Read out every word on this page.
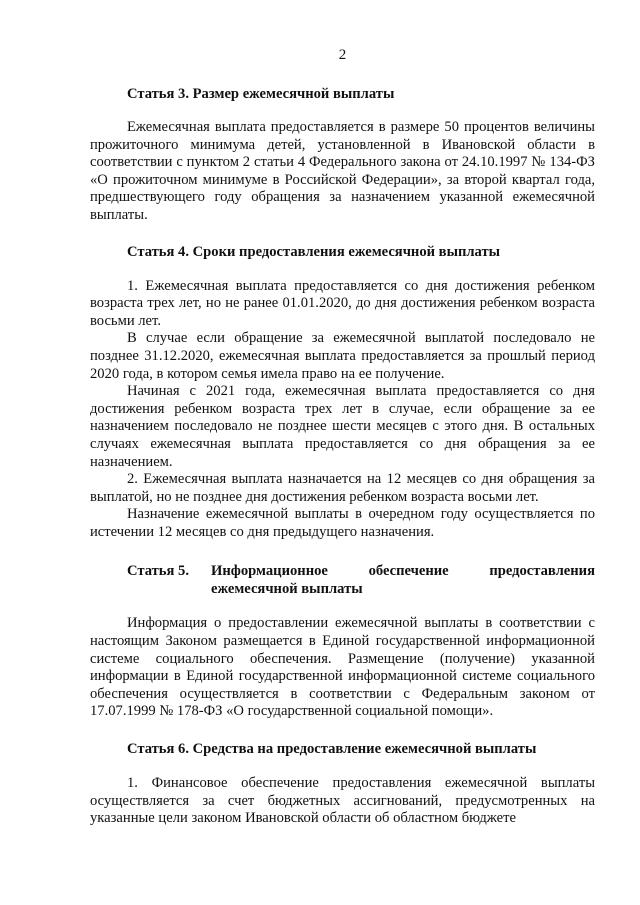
2
Статья 3. Размер ежемесячной выплаты

Ежемесячная выплата предоставляется в размере 50 процентов величины прожиточного минимума детей, установленной в Ивановской области в соответствии с пунктом 2 статьи 4 Федерального закона от 24.10.1997 № 134-ФЗ «О прожиточном минимуме в Российской Федерации», за второй квартал года, предшествующего году обращения за назначением указанной ежемесячной выплаты.

Статья 4. Сроки предоставления ежемесячной выплаты

1. Ежемесячная выплата предоставляется со дня достижения ребенком возраста трех лет, но не ранее 01.01.2020, до дня достижения ребенком возраста восьми лет.

В случае если обращение за ежемесячной выплатой последовало не позднее 31.12.2020, ежемесячная выплата предоставляется за прошлый период 2020 года, в котором семья имела право на ее получение.

Начиная с 2021 года, ежемесячная выплата предоставляется со дня достижения ребенком возраста трех лет в случае, если обращение за ее назначением последовало не позднее шести месяцев с этого дня. В остальных случаях ежемесячная выплата предоставляется со дня обращения за ее назначением.

2. Ежемесячная выплата назначается на 12 месяцев со дня обращения за выплатой, но не позднее дня достижения ребенком возраста восьми лет.

Назначение ежемесячной выплаты в очередном году осуществляется по истечении 12 месяцев со дня предыдущего назначения.

Статья 5.	Информационное	обеспечение	предоставления
ежемесячной выплаты

Информация о предоставлении ежемесячной выплаты в соответствии с настоящим Законом размещается в Единой государственной информационной системе социального обеспечения. Размещение (получение) указанной информации в Единой государственной информационной системе социального обеспечения осуществляется в соответствии с Федеральным законом от 17.07.1999 № 178-ФЗ «О государственной социальной помощи».

Статья 6. Средства на предоставление ежемесячной выплаты

1. Финансовое обеспечение предоставления ежемесячной выплаты осуществляется за счет бюджетных ассигнований, предусмотренных на указанные цели законом Ивановской области об областном бюджете
